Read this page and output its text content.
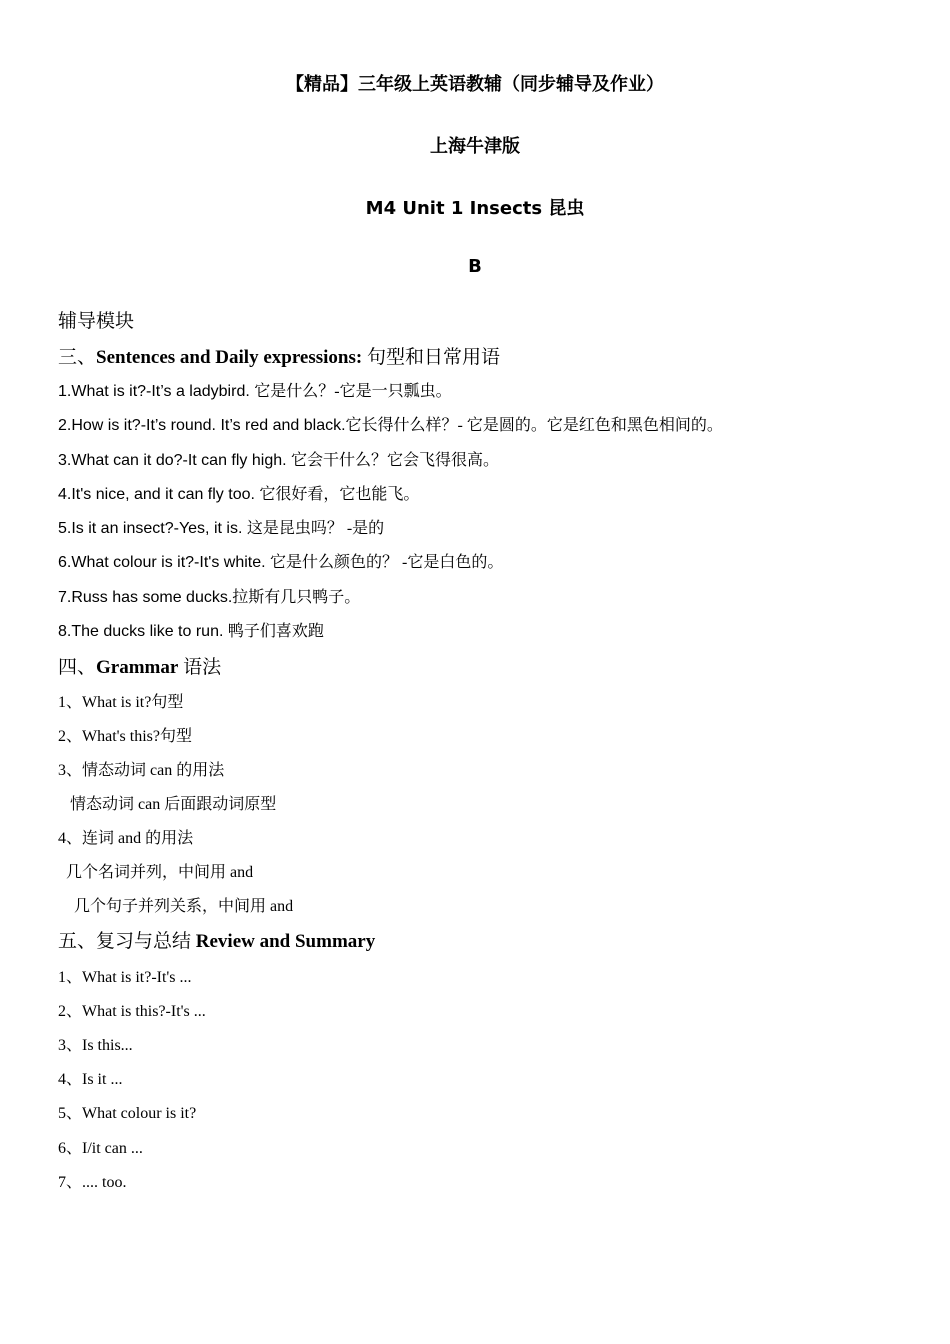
【精品】三年级上英语教辅（同步辅导及作业）
上海牛津版
M4 Unit 1 Insects 昆虫
B
辅导模块
三、Sentences and Daily expressions: 句型和日常用语
1.What is it?-It’s a ladybird. 它是什么？-它是一只瓢虫。
2.How is it?-It’s round. It’s red and black.它长得什么样？- 它是圆的。它是红色和黑色相间的。
3.What can it do?-It can fly high. 它会干什么？它会飞得很高。
4.It's nice, and it can fly too. 它很好看，它也能飞。
5.Is it an insect?-Yes, it is. 这是昆虫吗？ -是的
6.What colour is it?-It's white. 它是什么颜色的？ -它是白色的。
7.Russ has some ducks.拉斯有几只鸭子。
8.The ducks like to run. 鸭子们喜欢跑
四、Grammar 语法
1、What is it?句型
2、What's this?句型
3、情态动词 can 的用法
情态动词 can 后面跟动词原型
4、连词 and 的用法
几个名词并列，中间用 and
几个句子并列关系，中间用 and
五、复习与总结 Review and Summary
1、What is it?-It's ...
2、What is this?-It's ...
3、Is this...
4、Is it ...
5、What colour is it?
6、I/it can ...
7、.... too.
